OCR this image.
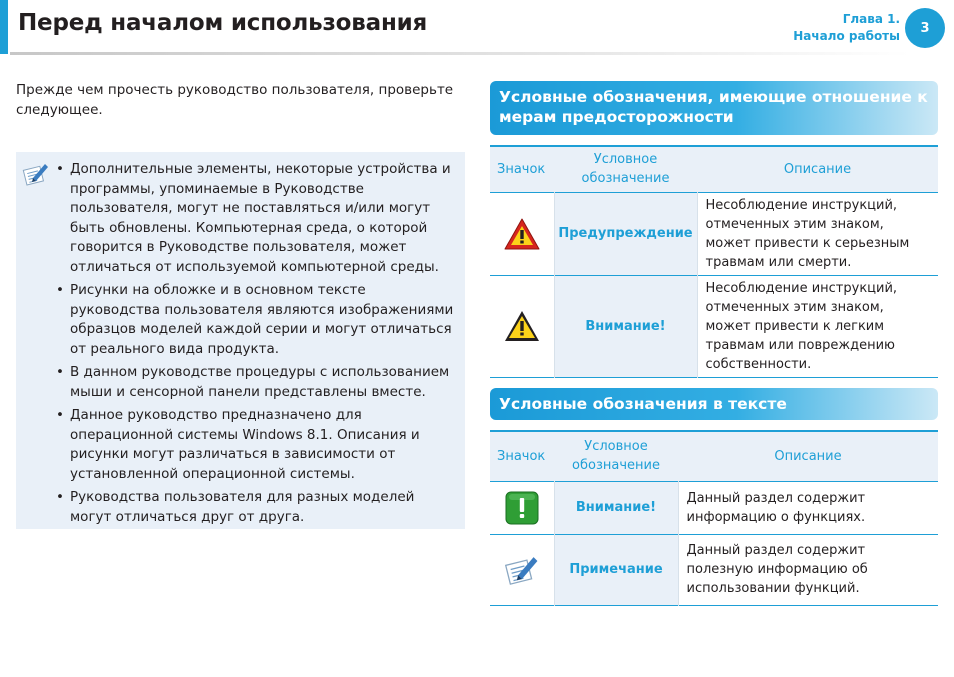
Перед началом использования	Глава 1.
Начало работы
3

Прежде чем прочесть руководство пользователя, проверьте следующее.

• Дополнительные элементы, некоторые устройства и программы, упоминаемые в Руководстве пользователя, могут не поставляться и/или могут быть обновлены. Компьютерная среда, о которой говорится в Руководстве пользователя, может отличаться от используемой компьютерной среды.
• Рисунки на обложке и в основном тексте руководства пользователя являются изображениями образцов моделей каждой серии и могут отличаться от реального вида продукта.
• В данном руководстве процедуры с использованием мыши и сенсорной панели представлены вместе.
• Данное руководство предназначено для операционной системы Windows 8.1. Описания и рисунки могут различаться в зависимости от установленной операционной системы.
• Руководства пользователя для разных моделей могут отличаться друг от друга.
Условные обозначения, имеющие отношение к мерам предосторожности
Значок	Условное обозначение	Описание
	Предупреждение	Несоблюдение инструкций, отмеченных этим знаком, может привести к серьезным травмам или смерти.
	Внимание!	Несоблюдение инструкций, отмеченных этим знаком, может привести к легким травмам или повреждению собственности.
Условные обозначения в тексте
Значок	Условное обозначение	Описание
	Внимание!	Данный раздел содержит информацию о функциях.
	Примечание	Данный раздел содержит полезную информацию об использовании функций.
